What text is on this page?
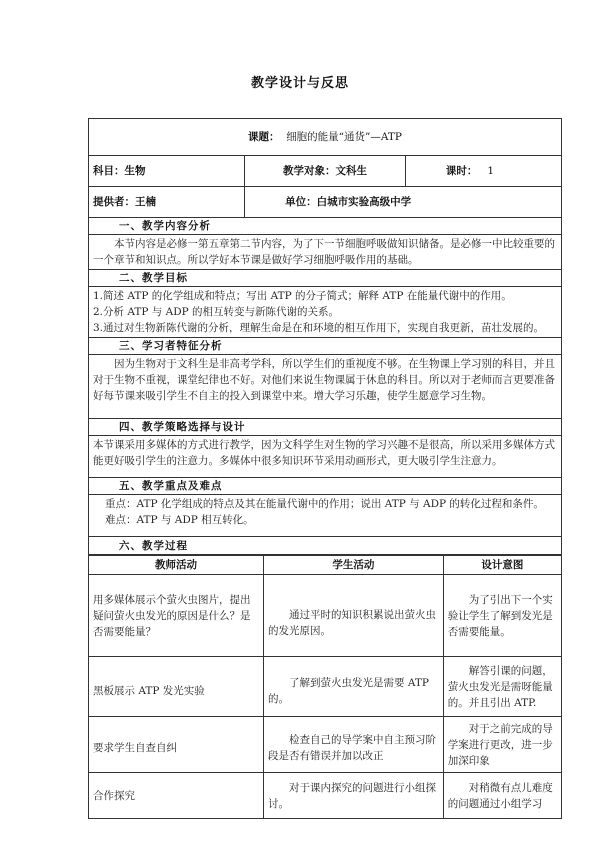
教学设计与反思
课题： 细胞的能量“通货”—ATP		
科目：生物	教学对象：文科生	课时： 1
提供者：王楠	单位：白城市实验高级中学	
一、教学内容分析		
本节内容是必修一第五章第二节内容，为了下一节细胞呼吸做知识储备。是必修一中比较重要的一个章节和知识点。所以学好本节课是做好学习细胞呼吸作用的基础。		
二、教学目标		

1.简述 ATP 的化学组成和特点；写出 ATP 的分子简式；解释 ATP 在能量代谢中的作用。
2.分析 ATP 与 ADP 的相互转变与新陈代谢的关系。
3.通过对生物新陈代谢的分析，理解生命是在和环境的相互作用下，实现自我更新，苗壮发展的。		

三、学习者特征分析		
因为生物对于文科生是非高考学科，所以学生们的重视度不够。在生物课上学习别的科目，并且对于生物不重视，课堂纪律也不好。对他们来说生物课属于休息的科目。所以对于老师而言更要准备好每节课来吸引学生不自主的投入到课堂中来。增大学习乐趣，使学生愿意学习生物。		
四、教学策略选择与设计		
本节课采用多媒体的方式进行教学，因为文科学生对生物的学习兴趣不是很高，所以采用多媒体方式能更好吸引学生的注意力。多媒体中很多知识环节采用动画形式，更大吸引学生注意力。		
五、教学重点及难点		

重点：ATP 化学组成的特点及其在能量代谢中的作用；说出 ATP 与 ADP 的转化过程和条件。
难点：ATP 与 ADP 相互转化。		

六、教学过程		
教师活动	学生活动	设计意图
用多媒体展示个萤火虫图片，提出疑问萤火虫发光的原因是什么？是否需要能量？	通过平时的知识积累说出萤火虫的发光原因。	为了引出下一个实验让学生了解到发光是否需要能量。
黑板展示 ATP 发光实验	了解到萤火虫发光是需要 ATP 的。	解答引课的问题，萤火虫发光是需呀能量的。并且引出 ATP.
要求学生自查自纠	检查自己的导学案中自主预习阶段是否有错误并加以改正	对于之前完成的导学案进行更改，进一步加深印象
合作探究	对于课内探究的问题进行小组探讨。	对稍微有点儿难度的问题通过小组学习
